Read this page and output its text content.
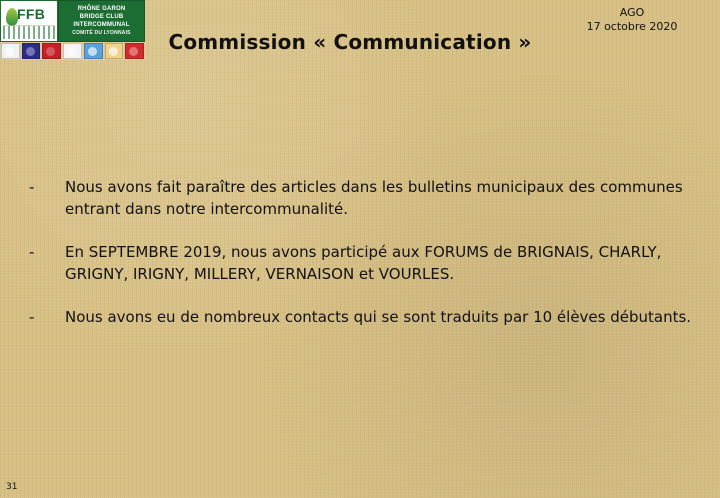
FFB	RHÔNE GARON
BRIDGE CLUB
INTERCOMMUNAL
COMITÉ DU LYONNAIS	Commission « Communication »
AGO
17 octobre 2020
-	Nous avons fait paraître des articles dans les bulletins municipaux des communes entrant dans notre intercommunalité.
-	En SEPTEMBRE 2019, nous avons participé aux FORUMS de BRIGNAIS, CHARLY, GRIGNY, IRIGNY, MILLERY, VERNAISON et VOURLES.
-	Nous avons eu de nombreux contacts qui se sont traduits par 10 élèves débutants.
31
